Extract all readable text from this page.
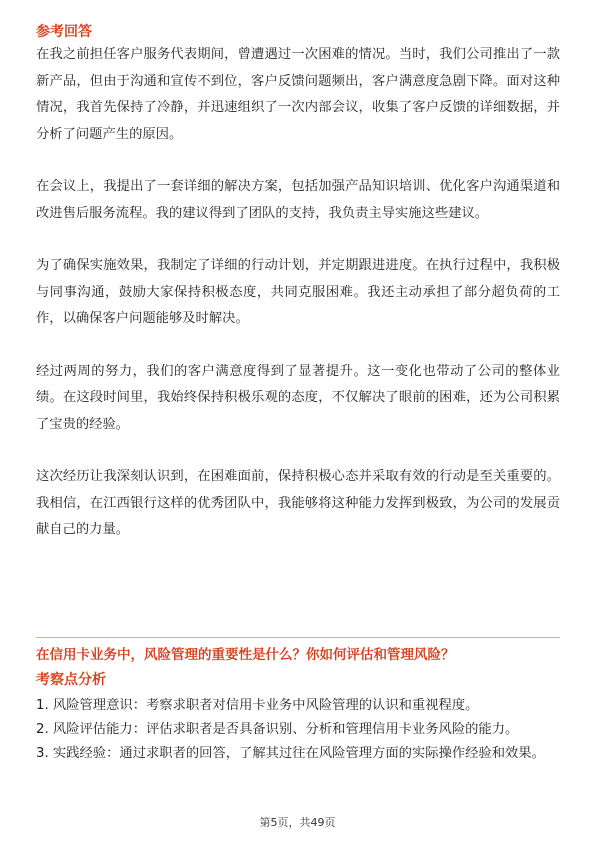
参考回答

在我之前担任客户服务代表期间，曾遭遇过一次困难的情况。当时，我们公司推出了一款新产品，但由于沟通和宣传不到位，客户反馈问题频出，客户满意度急剧下降。面对这种情况，我首先保持了冷静，并迅速组织了一次内部会议，收集了客户反馈的详细数据，并分析了问题产生的原因。

在会议上，我提出了一套详细的解决方案，包括加强产品知识培训、优化客户沟通渠道和改进售后服务流程。我的建议得到了团队的支持，我负责主导实施这些建议。

为了确保实施效果，我制定了详细的行动计划，并定期跟进进度。在执行过程中，我积极与同事沟通，鼓励大家保持积极态度，共同克服困难。我还主动承担了部分超负荷的工作，以确保客户问题能够及时解决。

经过两周的努力，我们的客户满意度得到了显著提升。这一变化也带动了公司的整体业绩。在这段时间里，我始终保持积极乐观的态度，不仅解决了眼前的困难，还为公司积累了宝贵的经验。

这次经历让我深刻认识到，在困难面前，保持积极心态并采取有效的行动是至关重要的。我相信，在江西银行这样的优秀团队中，我能够将这种能力发挥到极致，为公司的发展贡献自己的力量。

在信用卡业务中，风险管理的重要性是什么？你如何评估和管理风险？

考察点分析

1. 风险管理意识：考察求职者对信用卡业务中风险管理的认识和重视程度。

2. 风险评估能力：评估求职者是否具备识别、分析和管理信用卡业务风险的能力。

3. 实践经验：通过求职者的回答，了解其过往在风险管理方面的实际操作经验和效果。

第5页，共49页
